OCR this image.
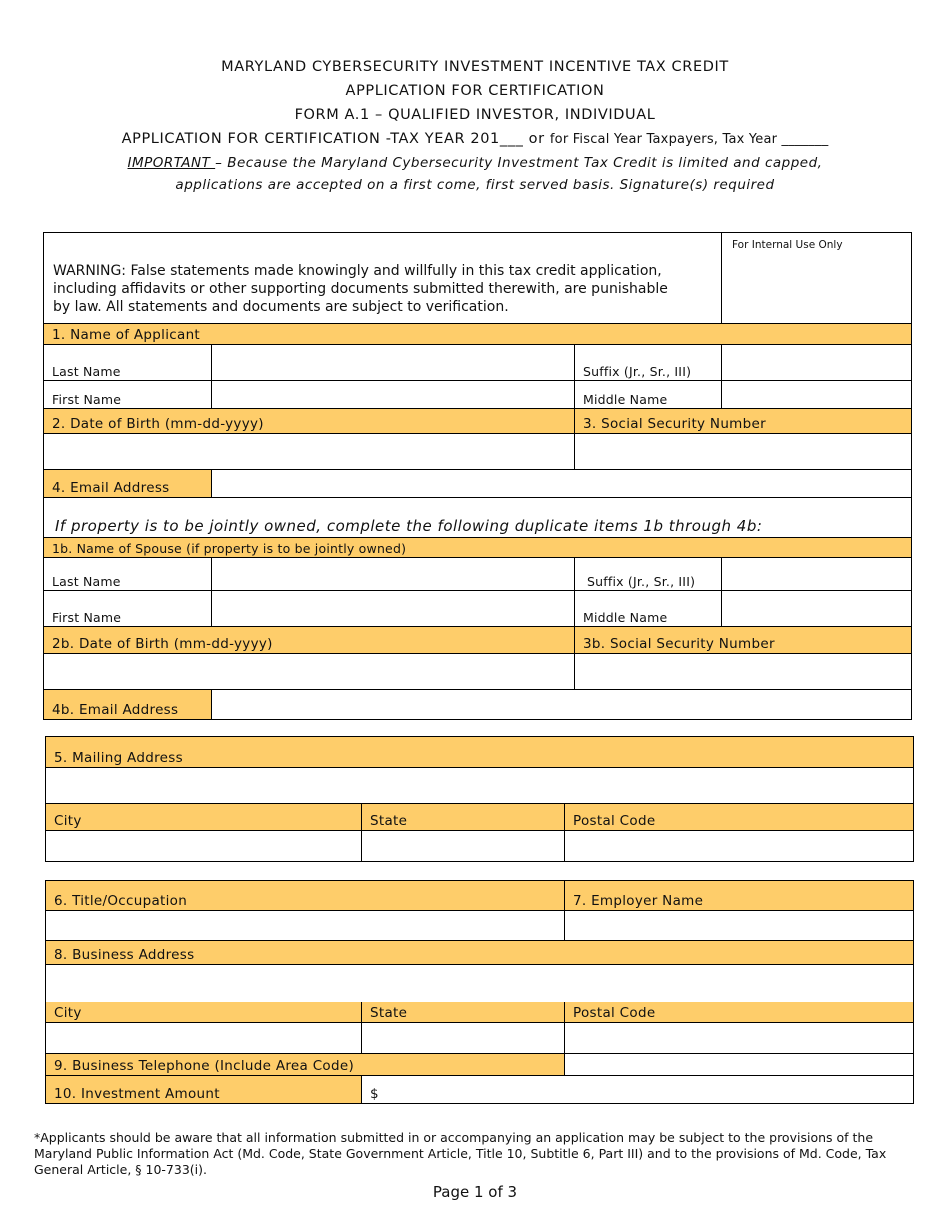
MARYLAND CYBERSECURITY INVESTMENT INCENTIVE TAX CREDIT
APPLICATION FOR CERTIFICATION
FORM A.1 – QUALIFIED INVESTOR, INDIVIDUAL
APPLICATION FOR CERTIFICATION -TAX YEAR 201___ or for Fiscal Year Taxpayers, Tax Year _______
IMPORTANT – Because the Maryland Cybersecurity Investment Tax Credit is limited and capped,
applications are accepted on a first come, first served basis. Signature(s) required
WARNING: False statements made knowingly and willfully in this tax credit application, including affidavits or other supporting documents submitted therewith, are punishable by law. All statements and documents are subject to verification.
For Internal Use Only
1. Name of Applicant
Last Name	Suffix (Jr., Sr., III)
First Name	Middle Name
2. Date of Birth (mm-dd-yyyy)	3. Social Security Number
4. Email Address
If property is to be jointly owned, complete the following duplicate items 1b through 4b:
1b. Name of Spouse (if property is to be jointly owned)
Last Name	Suffix (Jr., Sr., III)
First Name	Middle Name
2b. Date of Birth (mm-dd-yyyy)	3b. Social Security Number
4b. Email Address
5. Mailing Address
City	State	Postal Code
6. Title/Occupation	7. Employer Name
8. Business Address
City	State	Postal Code
9. Business Telephone (Include Area Code)
10. Investment Amount	$
*Applicants should be aware that all information submitted in or accompanying an application may be subject to the provisions of the Maryland Public Information Act (Md. Code, State Government Article, Title 10, Subtitle 6, Part III) and to the provisions of Md. Code, Tax General Article, § 10-733(i).
Page 1 of 3
